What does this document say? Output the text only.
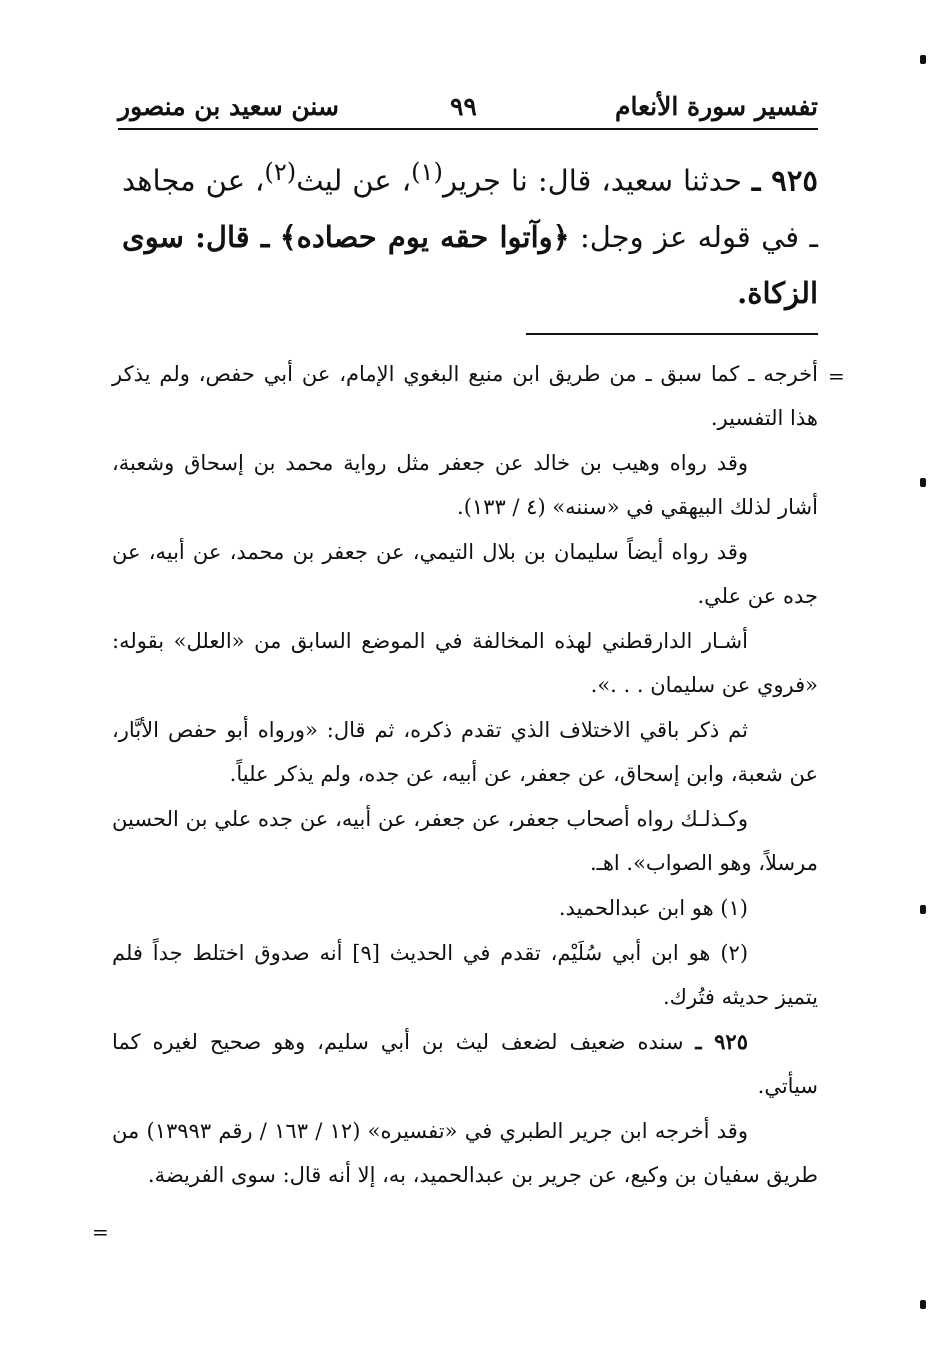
تفسير سورة الأنعام
٩٩
سنن سعيد بن منصور

٩٢٥ ـ حدثنا سعيد، قال: نا جرير$^{(١)}$، عن ليث$^{(٢)}$، عن مجاهد ـ في قوله عز وجل: ﴿وآتوا حقه يوم حصاده﴾ ـ قال: سوى الزكاة.

=

أخرجه ـ كما سبق ـ من طريق ابن منيع البغوي الإمام، عن أبي حفص، ولم يذكر هذا التفسير.

وقد رواه وهيب بن خالد عن جعفر مثل رواية محمد بن إسحاق وشعبة، أشار لذلك البيهقي في «سننه» (٤ / ١٣٣).

وقد رواه أيضاً سليمان بن بلال التيمي، عن جعفر بن محمد، عن أبيه، عن جده عن علي.

أشـار الدارقطني لهذه المخالفة في الموضع السابق من «العلل» بقوله: «فروي عن سليمان . . .».

ثم ذكر باقي الاختلاف الذي تقدم ذكره، ثم قال: «ورواه أبو حفص الأبَّار، عن شعبة، وابن إسحاق، عن جعفر، عن أبيه، عن جده، ولم يذكر علياً.

وكـذلـك رواه أصحاب جعفر، عن جعفر، عن أبيه، عن جده علي بن الحسين مرسلاً، وهو الصواب». اهـ.

(١) هو ابن عبدالحميد.

(٢) هو ابن أبي سُلَيْم، تقدم في الحديث [٩] أنه صدوق اختلط جداً فلم يتميز حديثه فتُرك.

٩٢٥ ـ سنده ضعيف لضعف ليث بن أبي سليم، وهو صحيح لغيره كما سيأتي.

وقد أخرجه ابن جرير الطبري في «تفسيره» (١٢ / ١٦٣ / رقم ١٣٩٩٣) من طريق سفيان بن وكيع، عن جرير بن عبدالحميد، به، إلا أنه قال: سوى الفريضة.

=
